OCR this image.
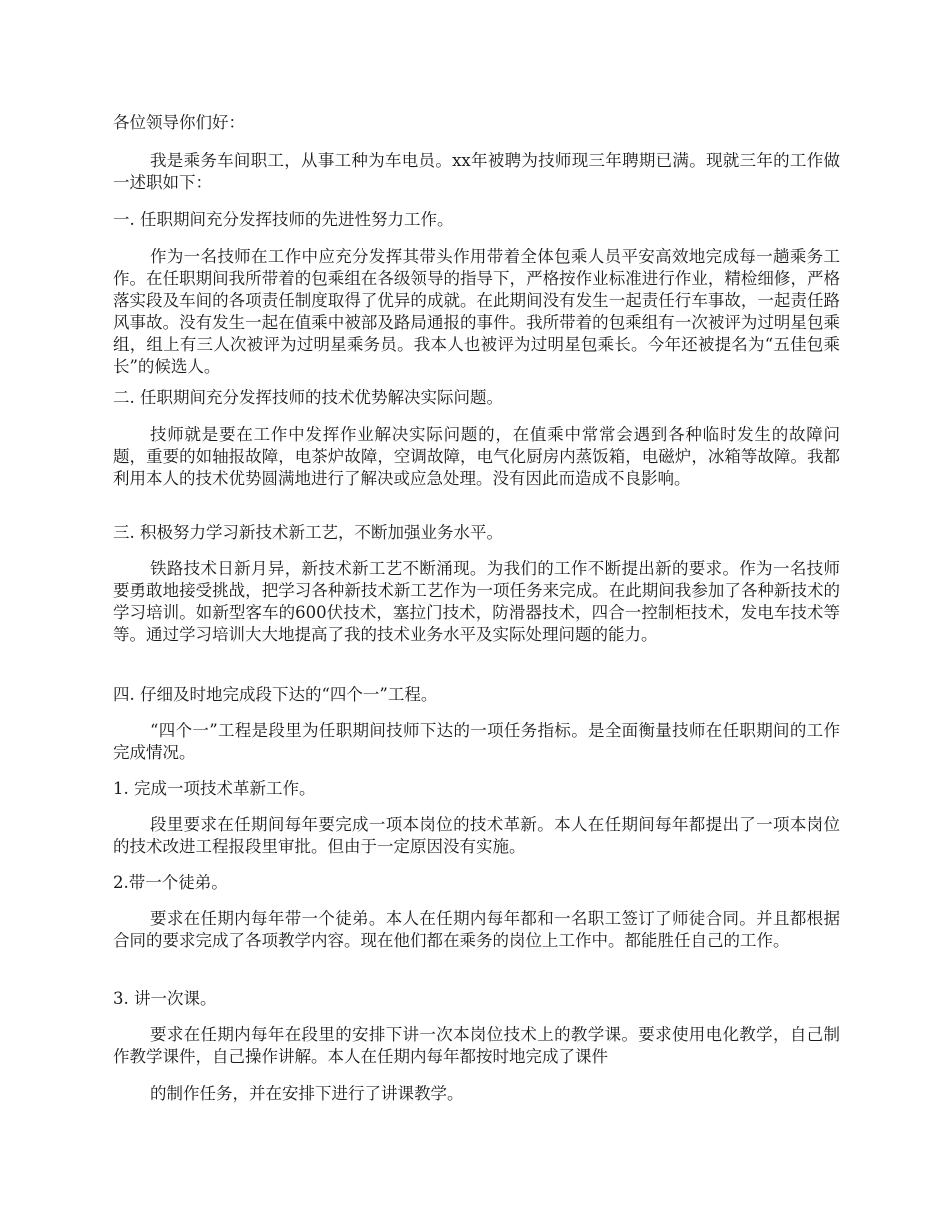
各位领导你们好：

我是乘务车间职工，从事工种为车电员。xx年被聘为技师现三年聘期已满。现就三年的工作做一述职如下：

一. 任职期间充分发挥技师的先进性努力工作。

作为一名技师在工作中应充分发挥其带头作用带着全体包乘人员平安高效地完成每一趟乘务工作。在任职期间我所带着的包乘组在各级领导的指导下，严格按作业标准进行作业，精检细修，严格落实段及车间的各项责任制度取得了优异的成就。在此期间没有发生一起责任行车事故，一起责任路风事故。没有发生一起在值乘中被部及路局通报的事件。我所带着的包乘组有一次被评为过明星包乘组，组上有三人次被评为过明星乘务员。我本人也被评为过明星包乘长。今年还被提名为“五佳包乘长”的候选人。

二. 任职期间充分发挥技师的技术优势解决实际问题。

技师就是要在工作中发挥作业解决实际问题的，在值乘中常常会遇到各种临时发生的故障问题，重要的如轴报故障，电茶炉故障，空调故障，电气化厨房内蒸饭箱，电磁炉，冰箱等故障。我都利用本人的技术优势圆满地进行了解决或应急处理。没有因此而造成不良影响。

三. 积极努力学习新技术新工艺，不断加强业务水平。

铁路技术日新月异，新技术新工艺不断涌现。为我们的工作不断提出新的要求。作为一名技师要勇敢地接受挑战，把学习各种新技术新工艺作为一项任务来完成。在此期间我参加了各种新技术的学习培训。如新型客车的600伏技术，塞拉门技术，防滑器技术，四合一控制柜技术，发电车技术等等。通过学习培训大大地提高了我的技术业务水平及实际处理问题的能力。

四. 仔细及时地完成段下达的“四个一”工程。

“四个一”工程是段里为任职期间技师下达的一项任务指标。是全面衡量技师在任职期间的工作完成情况。

1. 完成一项技术革新工作。

段里要求在任期间每年要完成一项本岗位的技术革新。本人在任期间每年都提出了一项本岗位的技术改进工程报段里审批。但由于一定原因没有实施。

2.带一个徒弟。

要求在任期内每年带一个徒弟。本人在任期内每年都和一名职工签订了师徒合同。并且都根据合同的要求完成了各项教学内容。现在他们都在乘务的岗位上工作中。都能胜任自己的工作。

3. 讲一次课。

要求在任期内每年在段里的安排下讲一次本岗位技术上的教学课。要求使用电化教学，自己制作教学课件，自己操作讲解。本人在任期内每年都按时地完成了课件

的制作任务，并在安排下进行了讲课教学。
